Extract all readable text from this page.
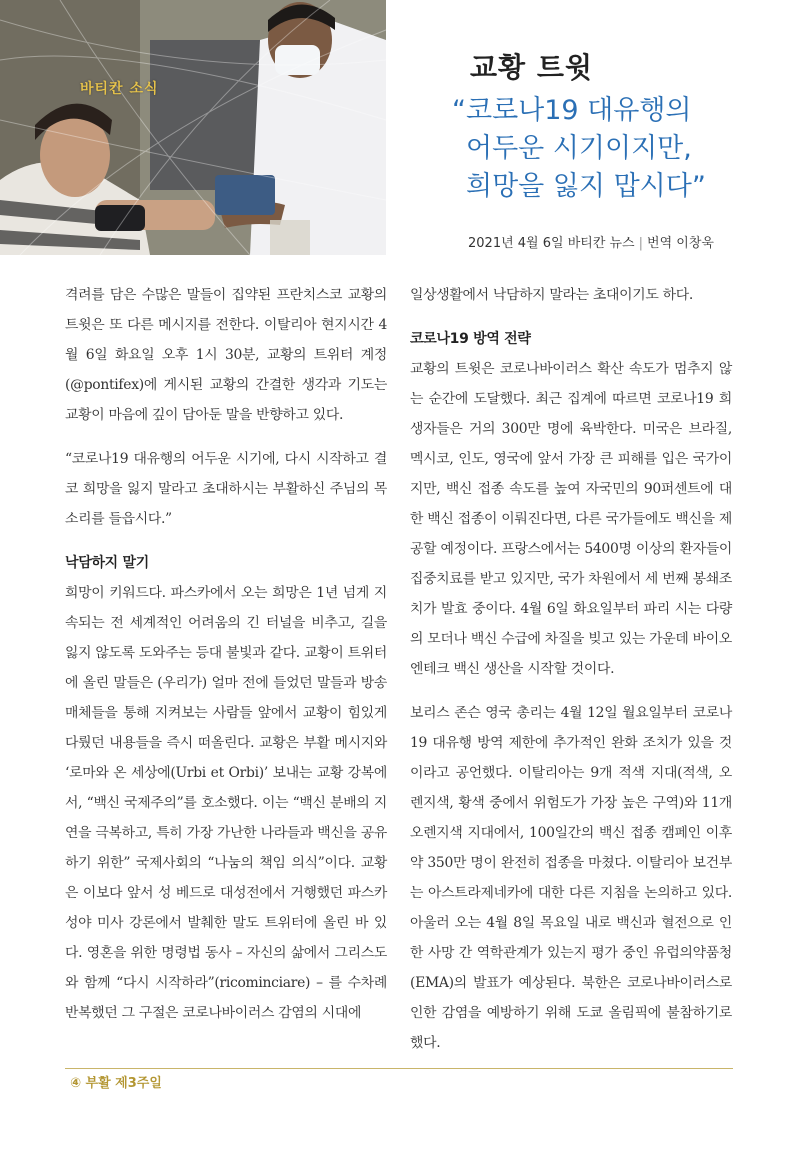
바티칸 소식
교황 트윗
“코로나19 대유행의
어두운 시기이지만,
희망을 잃지 맙시다”
2021년 4월 6일 바티칸 뉴스 | 번역 이창욱

격려를 담은 수많은 말들이 집약된 프란치스코 교황의 트윗은 또 다른 메시지를 전한다. 이탈리아 현지시간 4월 6일 화요일 오후 1시 30분, 교황의 트위터 계정(@pontifex)에 게시된 교황의 간결한 생각과 기도는 교황이 마음에 깊이 담아둔 말을 반향하고 있다.

“코로나19 대유행의 어두운 시기에, 다시 시작하고 결코 희망을 잃지 말라고 초대하시는 부활하신 주님의 목소리를 들읍시다.”

낙담하지 말기

희망이 키워드다. 파스카에서 오는 희망은 1년 넘게 지속되는 전 세계적인 어려움의 긴 터널을 비추고, 길을 잃지 않도록 도와주는 등대 불빛과 같다. 교황이 트위터에 올린 말들은 (우리가) 얼마 전에 들었던 말들과 방송매체들을 통해 지켜보는 사람들 앞에서 교황이 힘있게 다뤘던 내용들을 즉시 떠올린다. 교황은 부활 메시지와 ‘로마와 온 세상에(Urbi et Orbi)’ 보내는 교황 강복에서, “백신 국제주의”를 호소했다. 이는 “백신 분배의 지연을 극복하고, 특히 가장 가난한 나라들과 백신을 공유하기 위한” 국제사회의 “나눔의 책임 의식”이다. 교황은 이보다 앞서 성 베드로 대성전에서 거행했던 파스카 성야 미사 강론에서 발췌한 말도 트위터에 올린 바 있다. 영혼을 위한 명령법 동사 – 자신의 삶에서 그리스도와 함께 “다시 시작하라”(ricominciare) – 를 수차례 반복했던 그 구절은 코로나바이러스 감염의 시대에

일상생활에서 낙담하지 말라는 초대이기도 하다.

코로나19 방역 전략

교황의 트윗은 코로나바이러스 확산 속도가 멈추지 않는 순간에 도달했다. 최근 집계에 따르면 코로나19 희생자들은 거의 300만 명에 육박한다. 미국은 브라질, 멕시코, 인도, 영국에 앞서 가장 큰 피해를 입은 국가이지만, 백신 접종 속도를 높여 자국민의 90퍼센트에 대한 백신 접종이 이뤄진다면, 다른 국가들에도 백신을 제공할 예정이다. 프랑스에서는 5400명 이상의 환자들이 집중치료를 받고 있지만, 국가 차원에서 세 번째 봉쇄조치가 발효 중이다. 4월 6일 화요일부터 파리 시는 다량의 모더나 백신 수급에 차질을 빚고 있는 가운데 바이오엔테크 백신 생산을 시작할 것이다.

보리스 존슨 영국 총리는 4월 12일 월요일부터 코로나19 대유행 방역 제한에 추가적인 완화 조치가 있을 것이라고 공언했다. 이탈리아는 9개 적색 지대(적색, 오렌지색, 황색 중에서 위험도가 가장 높은 구역)와 11개 오렌지색 지대에서, 100일간의 백신 접종 캠페인 이후 약 350만 명이 완전히 접종을 마쳤다. 이탈리아 보건부는 아스트라제네카에 대한 다른 지침을 논의하고 있다. 아울러 오는 4월 8일 목요일 내로 백신과 혈전으로 인한 사망 간 역학관계가 있는지 평가 중인 유럽의약품청(EMA)의 발표가 예상된다. 북한은 코로나바이러스로 인한 감염을 예방하기 위해 도쿄 올림픽에 불참하기로 했다.

④ 부활 제3주일
